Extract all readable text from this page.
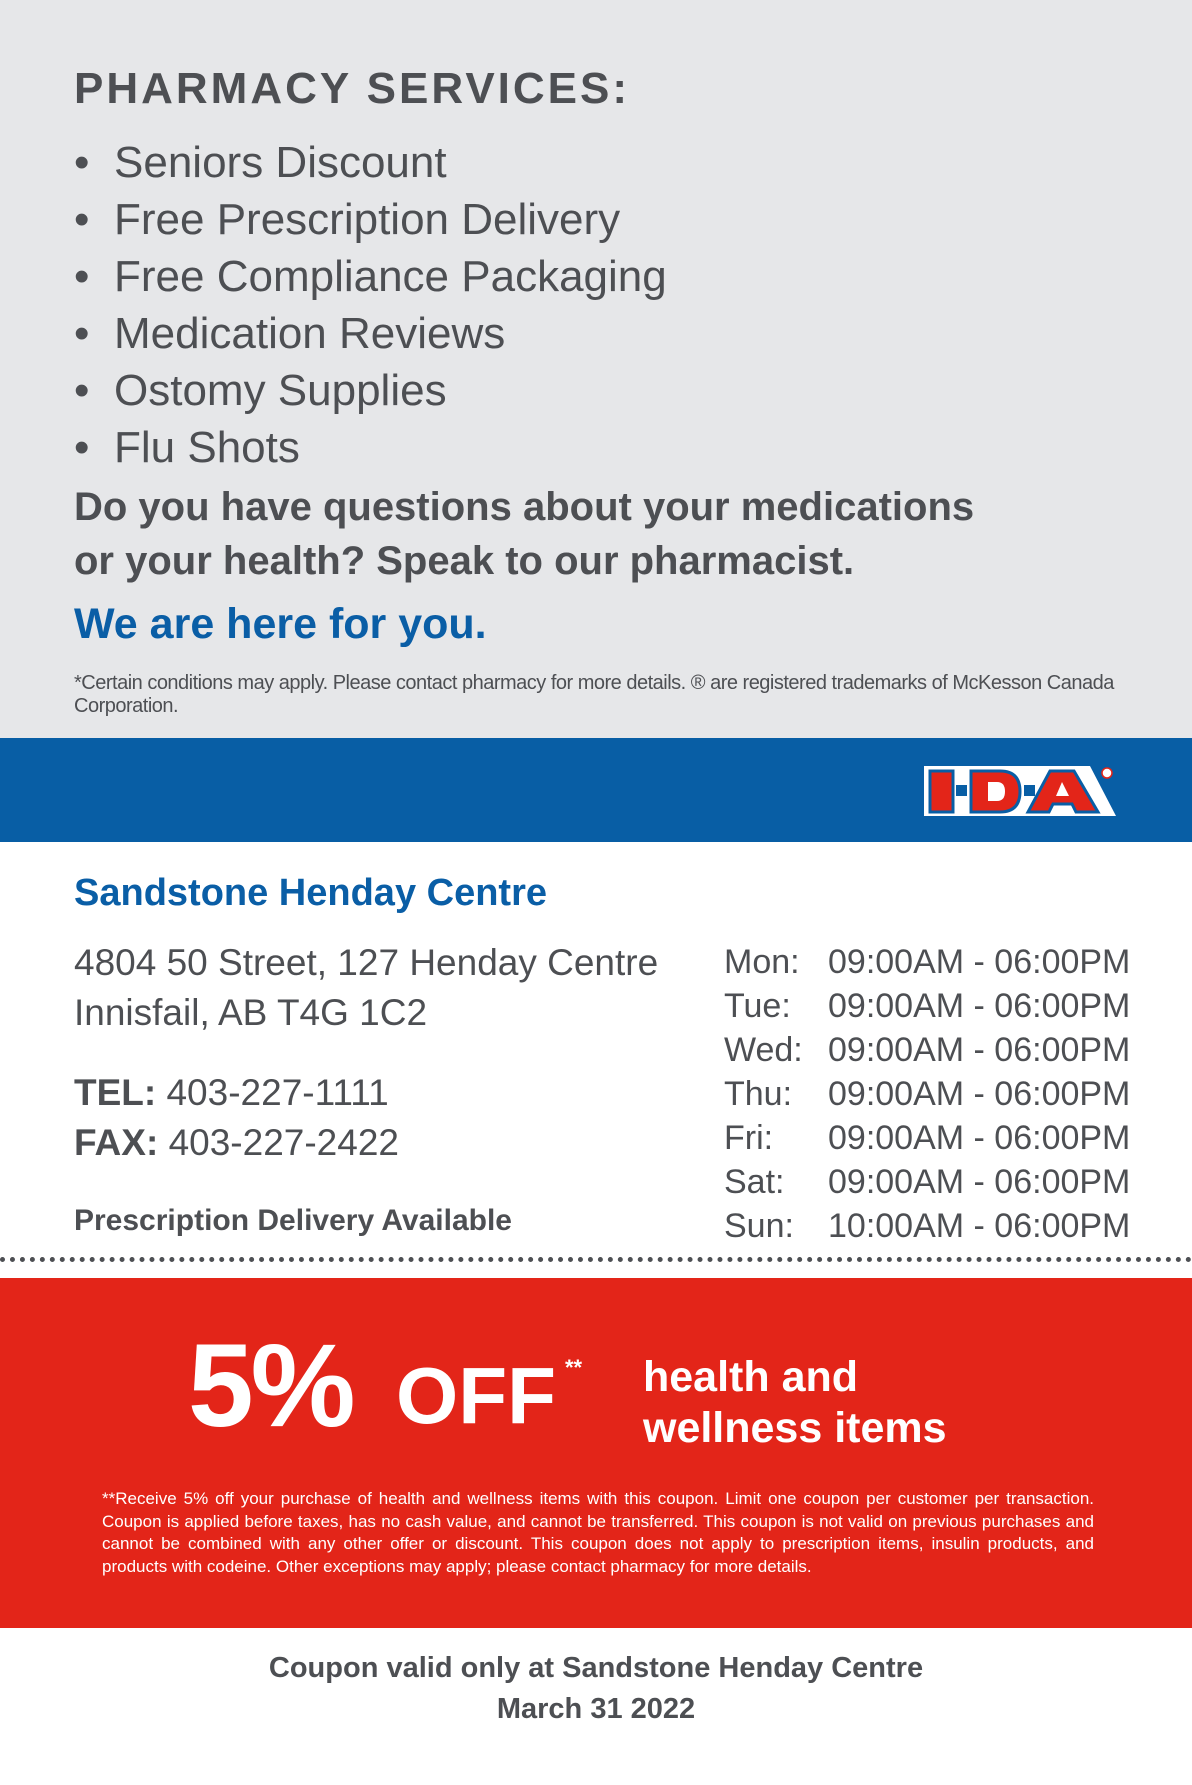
PHARMACY SERVICES:
• Seniors Discount
• Free Prescription Delivery
• Free Compliance Packaging
• Medication Reviews
• Ostomy Supplies
• Flu Shots
Do you have questions about your medications
or your health? Speak to our pharmacist.
We are here for you.
*Certain conditions may apply. Please contact pharmacy for more details. ® are registered trademarks of McKesson Canada Corporation.
Sandstone Henday Centre
4804 50 Street, 127 Henday Centre
Innisfail, AB T4G 1C2
TEL: 403-227-1111
FAX: 403-227-2422
Prescription Delivery Available
Mon: 09:00AM - 06:00PM
Tue: 09:00AM - 06:00PM
Wed: 09:00AM - 06:00PM
Thu: 09:00AM - 06:00PM
Fri: 09:00AM - 06:00PM
Sat: 09:00AM - 06:00PM
Sun: 10:00AM - 06:00PM
5% OFF ** health and
wellness items
**Receive 5% off your purchase of health and wellness items with this coupon. Limit one coupon per customer per transaction. Coupon is applied before taxes, has no cash value, and cannot be transferred. This coupon is not valid on previous purchases and cannot be combined with any other offer or discount. This coupon does not apply to prescription items, insulin products, and products with codeine. Other exceptions may apply; please contact pharmacy for more details.
Coupon valid only at Sandstone Henday Centre
March 31 2022
